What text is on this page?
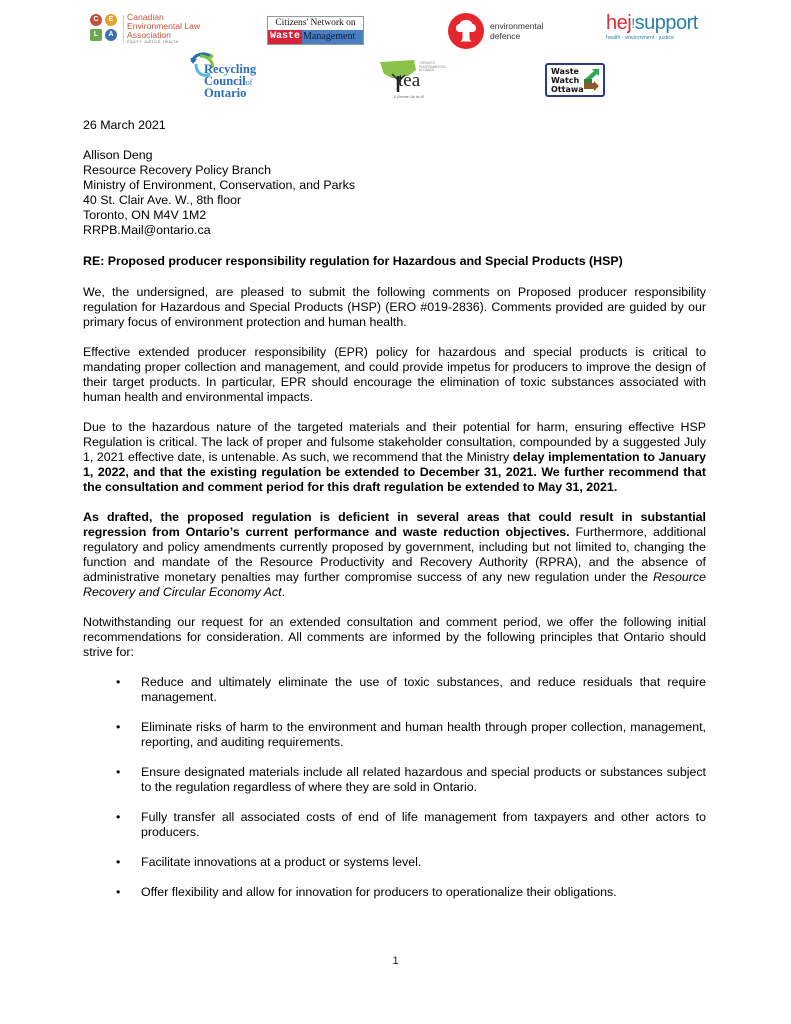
C	E
L	A
Canadian
Environmental Law
Association
EQUITY. JUSTICE. HEALTH.
Citizens' Network on
Waste Management
environmental
defence
hej!support
health · environment · justice
Recycling
Councilof
Ontario
TORONTO
ENVIRONMENTAL
ALLIANCE
tea
A Greener City for All
Waste
Watch
Ottawa
26 March 2021
Allison Deng
Resource Recovery Policy Branch
Ministry of Environment, Conservation, and Parks
40 St. Clair Ave. W., 8th floor
Toronto, ON M4V 1M2
RRPB.Mail@ontario.ca

RE: Proposed producer responsibility regulation for Hazardous and Special Products (HSP)

We, the undersigned, are pleased to submit the following comments on Proposed producer responsibility regulation for Hazardous and Special Products (HSP) (ERO #019-2836). Comments provided are guided by our primary focus of environment protection and human health.

Effective extended producer responsibility (EPR) policy for hazardous and special products is critical to mandating proper collection and management, and could provide impetus for producers to improve the design of their target products. In particular, EPR should encourage the elimination of toxic substances associated with human health and environmental impacts.

Due to the hazardous nature of the targeted materials and their potential for harm, ensuring effective HSP Regulation is critical. The lack of proper and fulsome stakeholder consultation, compounded by a suggested July 1, 2021 effective date, is untenable. As such, we recommend that the Ministry delay implementation to January 1, 2022, and that the existing regulation be extended to December 31, 2021. We further recommend that the consultation and comment period for this draft regulation be extended to May 31, 2021.

As drafted, the proposed regulation is deficient in several areas that could result in substantial regression from Ontario’s current performance and waste reduction objectives. Furthermore, additional regulatory and policy amendments currently proposed by government, including but not limited to, changing the function and mandate of the Resource Productivity and Recovery Authority (RPRA), and the absence of administrative monetary penalties may further compromise success of any new regulation under the Resource Recovery and Circular Economy Act.

Notwithstanding our request for an extended consultation and comment period, we offer the following initial recommendations for consideration. All comments are informed by the following principles that Ontario should strive for:

• Reduce and ultimately eliminate the use of toxic substances, and reduce residuals that require management.
• Eliminate risks of harm to the environment and human health through proper collection, management, reporting, and auditing requirements.
• Ensure designated materials include all related hazardous and special products or substances subject to the regulation regardless of where they are sold in Ontario.
• Fully transfer all associated costs of end of life management from taxpayers and other actors to producers.
• Facilitate innovations at a product or systems level.
• Offer flexibility and allow for innovation for producers to operationalize their obligations.
1
